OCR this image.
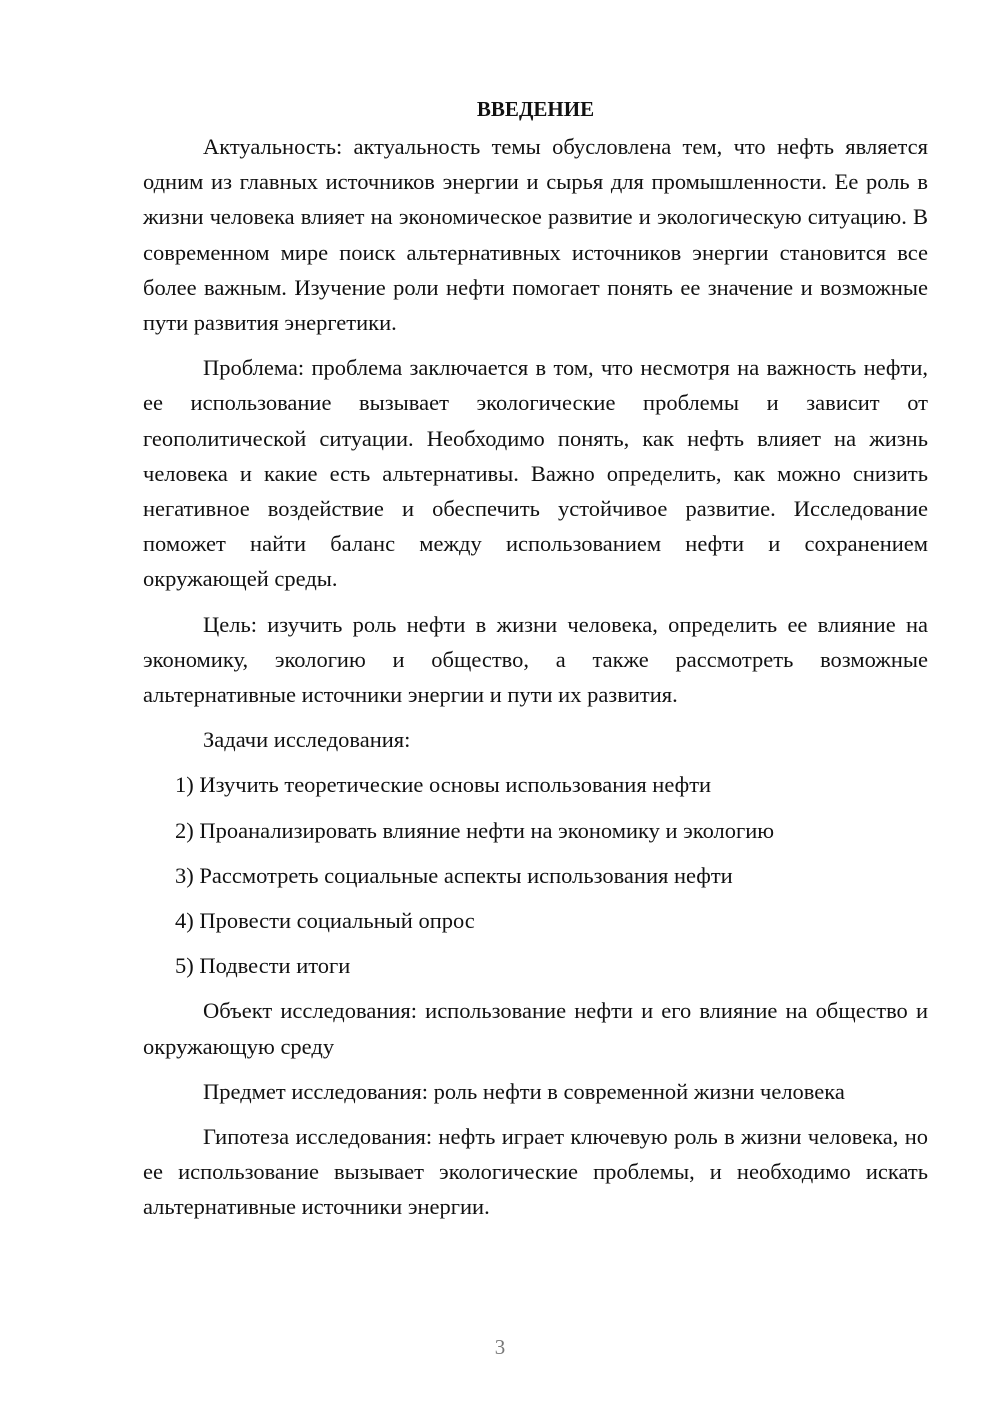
ВВЕДЕНИЕ

Актуальность: актуальность темы обусловлена тем, что нефть является одним из главных источников энергии и сырья для промышленности. Ее роль в жизни человека влияет на экономическое развитие и экологическую ситуацию. В современном мире поиск альтернативных источников энергии становится все более важным. Изучение роли нефти помогает понять ее значение и возможные пути развития энергетики.

Проблема: проблема заключается в том, что несмотря на важность нефти, ее использование вызывает экологические проблемы и зависит от геополитической ситуации. Необходимо понять, как нефть влияет на жизнь человека и какие есть альтернативы. Важно определить, как можно снизить негативное воздействие и обеспечить устойчивое развитие. Исследование поможет найти баланс между использованием нефти и сохранением окружающей среды.

Цель: изучить роль нефти в жизни человека, определить ее влияние на экономику, экологию и общество, а также рассмотреть возможные альтернативные источники энергии и пути их развития.

Задачи исследования:

1) Изучить теоретические основы использования нефти
2) Проанализировать влияние нефти на экономику и экологию
3) Рассмотреть социальные аспекты использования нефти
4) Провести социальный опрос
5) Подвести итоги

Объект исследования: использование нефти и его влияние на общество и окружающую среду

Предмет исследования: роль нефти в современной жизни человека

Гипотеза исследования: нефть играет ключевую роль в жизни человека, но ее использование вызывает экологические проблемы, и необходимо искать альтернативные источники энергии.

3
